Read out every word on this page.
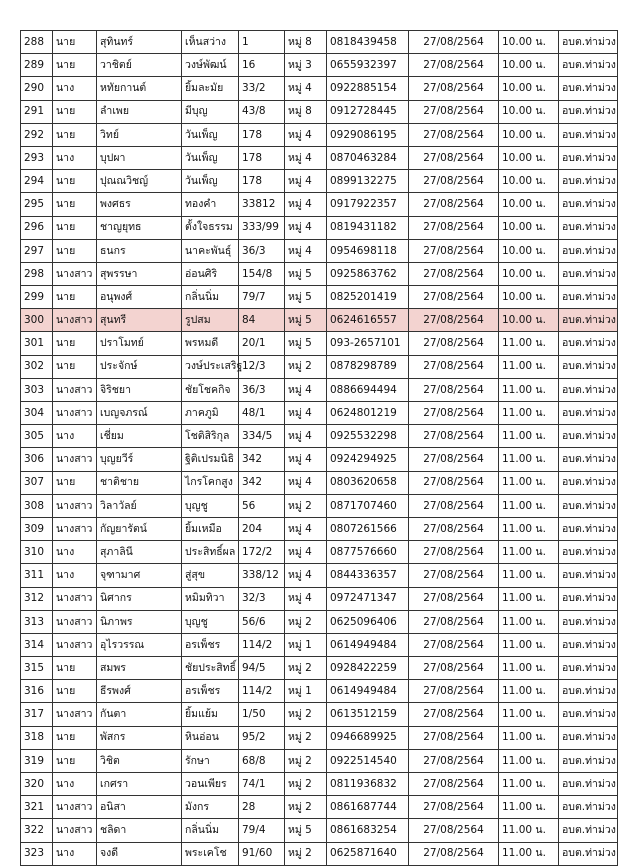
288	นาย	สุทินทร์	เห็นสว่าง	1	หมู่ 8	0818439458	27/08/2564	10.00 น.	อบต.ท่าม่วง
289	นาย	วาชิตย์	วงษ์พัฒน์	16	หมู่ 3	0655932397	27/08/2564	10.00 น.	อบต.ท่าม่วง
290	นาง	หทัยกานต์	ยิ้มละมัย	33/2	หมู่ 4	0922885154	27/08/2564	10.00 น.	อบต.ท่าม่วง
291	นาย	ลำเพย	มีบุญ	43/8	หมู่ 8	0912728445	27/08/2564	10.00 น.	อบต.ท่าม่วง
292	นาย	วิทย์	วันเพ็ญ	178	หมู่ 4	0929086195	27/08/2564	10.00 น.	อบต.ท่าม่วง
293	นาง	บุปผา	วันเพ็ญ	178	หมู่ 4	0870463284	27/08/2564	10.00 น.	อบต.ท่าม่วง
294	นาย	ปุณณวิชญ์	วันเพ็ญ	178	หมู่ 4	0899132275	27/08/2564	10.00 น.	อบต.ท่าม่วง
295	นาย	พงศธร	ทองคำ	33812	หมู่ 4	0917922357	27/08/2564	10.00 น.	อบต.ท่าม่วง
296	นาย	ชาญยุทธ	ตั้งใจธรรม	333/99	หมู่ 4	0819431182	27/08/2564	10.00 น.	อบต.ท่าม่วง
297	นาย	ธนกร	นาคะพันธุ์	36/3	หมู่ 4	0954698118	27/08/2564	10.00 น.	อบต.ท่าม่วง
298	นางสาว	สุพรรษา	อ่อนศิริ	154/8	หมู่ 5	0925863762	27/08/2564	10.00 น.	อบต.ท่าม่วง
299	นาย	อนุพงศ์	กลิ่นนิ่ม	79/7	หมู่ 5	0825201419	27/08/2564	10.00 น.	อบต.ท่าม่วง
300	นางสาว	สุนทรี	รูปสม	84	หมู่ 5	0624616557	27/08/2564	10.00 น.	อบต.ท่าม่วง
301	นาย	ปราโมทย์	พรหมดี	20/1	หมู่ 5	093-2657101	27/08/2564	11.00 น.	อบต.ท่าม่วง
302	นาย	ประจักษ์	วงษ์ประเสริฐ	12/3	หมู่ 2	0878298789	27/08/2564	11.00 น.	อบต.ท่าม่วง
303	นางสาว	จิริชยา	ชัยโชคกิจ	36/3	หมู่ 4	0886694494	27/08/2564	11.00 น.	อบต.ท่าม่วง
304	นางสาว	เบญจภรณ์	ภาคภูมิ	48/1	หมู่ 4	0624801219	27/08/2564	11.00 น.	อบต.ท่าม่วง
305	นาง	เชี่ยม	โชติสิริกุล	334/5	หมู่ 4	0925532298	27/08/2564	11.00 น.	อบต.ท่าม่วง
306	นางสาว	บุญยวีร์	ฐิติเปรมนิธิ	342	หมู่ 4	0924294925	27/08/2564	11.00 น.	อบต.ท่าม่วง
307	นาย	ชาติชาย	ไกรโคกสูง	342	หมู่ 4	0803620658	27/08/2564	11.00 น.	อบต.ท่าม่วง
308	นางสาว	วิลาวัลย์	บุญชู	56	หมู่ 2	0871707460	27/08/2564	11.00 น.	อบต.ท่าม่วง
309	นางสาว	กัญยารัตน์	ยิ้มเหมือ	204	หมู่ 4	0807261566	27/08/2564	11.00 น.	อบต.ท่าม่วง
310	นาง	สุภาลินี	ประสิทธิ์ผล	172/2	หมู่ 4	0877576660	27/08/2564	11.00 น.	อบต.ท่าม่วง
311	นาง	จุฑามาศ	สู่สุข	338/12	หมู่ 4	0844336357	27/08/2564	11.00 น.	อบต.ท่าม่วง
312	นางสาว	นิศากร	หมิมทิวา	32/3	หมู่ 4	0972471347	27/08/2564	11.00 น.	อบต.ท่าม่วง
313	นางสาว	นิภาพร	บุญชู	56/6	หมู่ 2	0625096406	27/08/2564	11.00 น.	อบต.ท่าม่วง
314	นางสาว	อุไรวรรณ	อรเพ็ชร	114/2	หมู่ 1	0614949484	27/08/2564	11.00 น.	อบต.ท่าม่วง
315	นาย	สมพร	ชัยประสิทธิ์	94/5	หมู่ 2	0928422259	27/08/2564	11.00 น.	อบต.ท่าม่วง
316	นาย	ธีรพงศ์	อรเพ็ชร	114/2	หมู่ 1	0614949484	27/08/2564	11.00 น.	อบต.ท่าม่วง
317	นางสาว	กันตา	ยิ้มแย้ม	1/50	หมู่ 2	0613512159	27/08/2564	11.00 น.	อบต.ท่าม่วง
318	นาย	พัสกร	หินอ่อน	95/2	หมู่ 2	0946689925	27/08/2564	11.00 น.	อบต.ท่าม่วง
319	นาย	วิชิต	รักษา	68/8	หมู่ 2	0922514540	27/08/2564	11.00 น.	อบต.ท่าม่วง
320	นาง	เกศรา	วอนเพียร	74/1	หมู่ 2	0811936832	27/08/2564	11.00 น.	อบต.ท่าม่วง
321	นางสาว	อนิสา	มังกร	28	หมู่ 2	0861687744	27/08/2564	11.00 น.	อบต.ท่าม่วง
322	นางสาว	ชลิดา	กลิ่นนิ่ม	79/4	หมู่ 5	0861683254	27/08/2564	11.00 น.	อบต.ท่าม่วง
323	นาง	จงดี	พระเคโช	91/60	หมู่ 2	0625871640	27/08/2564	11.00 น.	อบต.ท่าม่วง
